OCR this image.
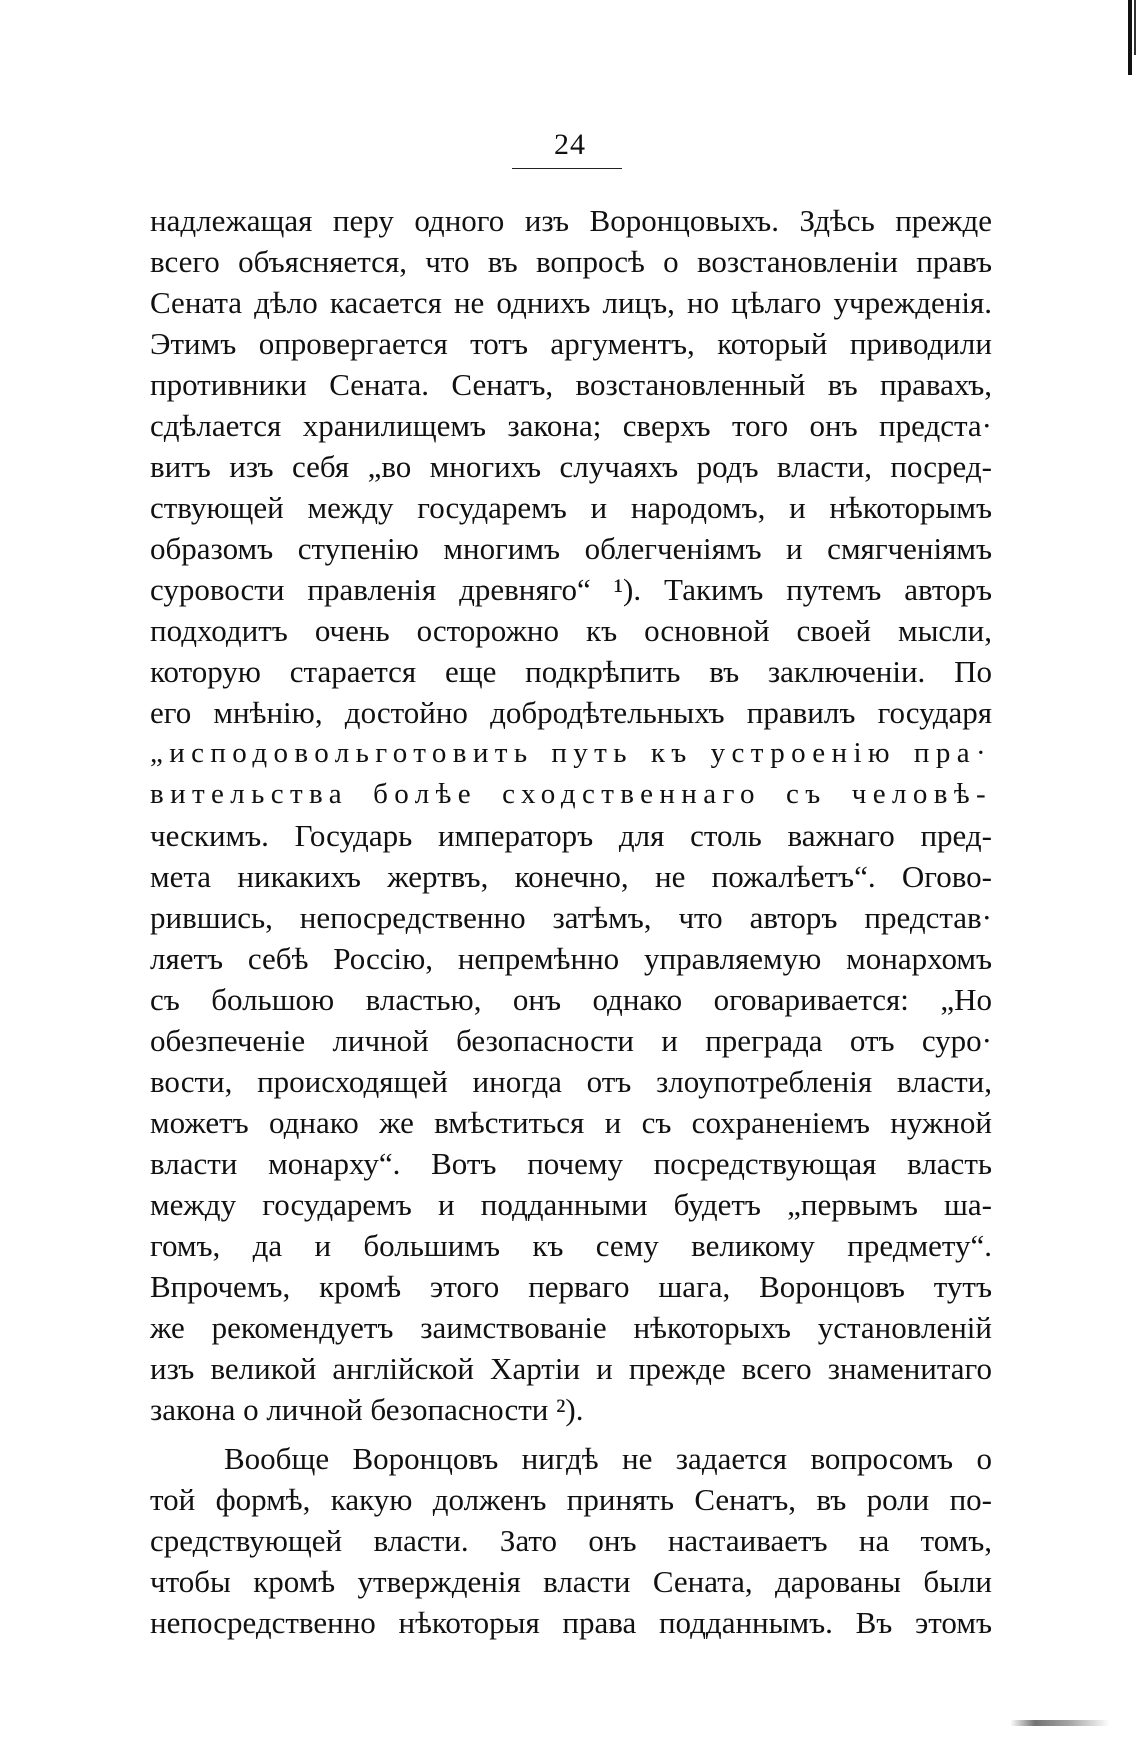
24
надлежащая перу одного изъ Воронцовыхъ. Здѣсь прежде
всего объясняется, что въ вопросѣ о возстановленіи правъ
Сената дѣло касается не однихъ лицъ, но цѣлаго учрежденія.
Этимъ опровергается тотъ аргументъ, который приводили
противники Сената. Сенатъ, возстановленный въ правахъ,
сдѣлается хранилищемъ закона; сверхъ того онъ предста·
витъ изъ себя „во многихъ случаяхъ родъ власти, посред-
ствующей между государемъ и народомъ, и нѣкоторымъ
образомъ ступенію многимъ облегченіямъ и смягченіямъ
суровости правленія древняго“ ¹). Такимъ путемъ авторъ
подходитъ очень осторожно къ основной своей мысли,
которую старается еще подкрѣпить въ заключеніи. По
его мнѣнію, достойно добродѣтельныхъ правилъ государя
„исподовольготовить путь къ устроенію пра·
вительства болѣе сходственнаго съ человѣ-
ческимъ. Государь императоръ для столь важнаго пред-
мета никакихъ жертвъ, конечно, не пожалѣетъ“. Огово-
рившись, непосредственно затѣмъ, что авторъ представ·
ляетъ себѣ Россію, непремѣнно управляемую монархомъ
съ большою властью, онъ однако оговаривается: „Но
обезпеченіе личной безопасности и преграда отъ суро·
вости, происходящей иногда отъ злоупотребленія власти,
можетъ однако же вмѣститься и съ сохраненіемъ нужной
власти монарху“. Вотъ почему посредствующая власть
между государемъ и подданными будетъ „первымъ ша-
гомъ, да и большимъ къ сему великому предмету“.
Впрочемъ, кромѣ этого перваго шага, Воронцовъ тутъ
же рекомендуетъ заимствованіе нѣкоторыхъ установленій
изъ великой англійской Хартіи и прежде всего знаменитаго
закона о личной безопасности ²).
Вообще Воронцовъ нигдѣ не задается вопросомъ о
той формѣ, какую долженъ принять Сенатъ, въ роли по-
средствующей власти. Зато онъ настаиваетъ на томъ,
чтобы кромѣ утвержденія власти Сената, дарованы были
непосредственно нѣкоторыя права подданнымъ. Въ этомъ
